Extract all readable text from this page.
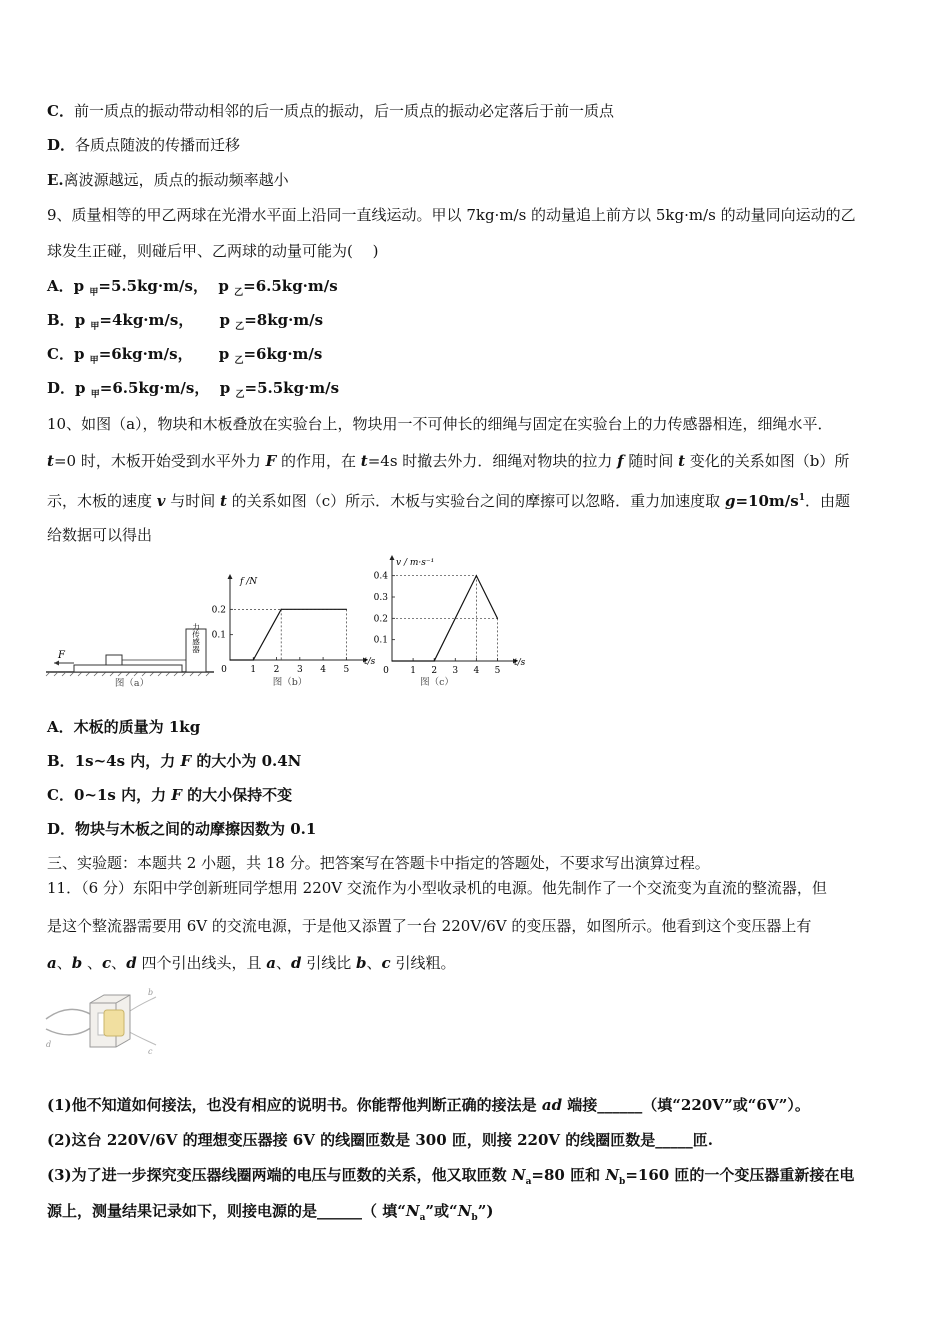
C．前一质点的振动带动相邻的后一质点的振动，后一质点的振动必定落后于前一质点
D．各质点随波的传播而迁移
E.离波源越远，质点的振动频率越小
9、质量相等的甲乙两球在光滑水平面上沿同一直线运动。甲以 7kg·m/s 的动量追上前方以 5kg·m/s 的动量同向运动的乙
球发生正碰，则碰后甲、乙两球的动量可能为(　 )
A．p $_甲$=5.5kg·m/s， p $_乙$=6.5kg·m/s
B．p $_甲$=4kg·m/s， p $_乙$=8kg·m/s
C．p $_甲$=6kg·m/s， p $_乙$=6kg·m/s
D．p $_甲$=6.5kg·m/s， p $_乙$=5.5kg·m/s
10、如图（a），物块和木板叠放在实验台上，物块用一不可伸长的细绳与固定在实验台上的力传感器相连，细绳水平．
t=0 时，木板开始受到水平外力 F 的作用，在 t=4s 时撤去外力．细绳对物块的拉力 f 随时间 t 变化的关系如图（b）所
示，木板的速度 v 与时间 t 的关系如图（c）所示．木板与实验台之间的摩擦可以忽略．重力加速度取 $g=10m/s^1$．由题
给数据可以得出
力传感器
F
图（a）
0	1 2 3 4 5
0.1
0.2
f /N
t/s
图（b）
0 1 2 3 4 5
0.1
0.2
0.3
0.4
v / m·s⁻¹
t/s
图（c）
A．木板的质量为 1kg
B．1s~4s 内，力 F 的大小为 0.4N
C．0~1s 内，力 F 的大小保持不变
D．物块与木板之间的动摩擦因数为 0.1
三、实验题：本题共 2 小题，共 18 分。把答案写在答题卡中指定的答题处，不要求写出演算过程。
11．（6 分）东阳中学创新班同学想用 220V 交流作为小型收录机的电源。他先制作了一个交流变为直流的整流器，但
是这个整流器需要用 6V 的交流电源，于是他又添置了一台 220V/6V 的变压器，如图所示。他看到这个变压器上有
a、b 、c、d 四个引出线头，且 a、d 引线比 b、c 引线粗。
b
d
c
(1)他不知道如何接法，也没有相应的说明书。你能帮他判断正确的接法是 ad 端接______（填“220V”或“6V”）。
(2)这台 220V/6V 的理想变压器接 6V 的线圈匝数是 300 匝，则接 220V 的线圈匝数是_____匝.
(3)为了进一步探究变压器线圈两端的电压与匝数的关系，他又取匝数 $N_a=80$ 匝和 $N_b=160$ 匝的一个变压器重新接在电
源上，测量结果记录如下，则接电源的是______（ 填“$N_a$”或“$N_b$”)
